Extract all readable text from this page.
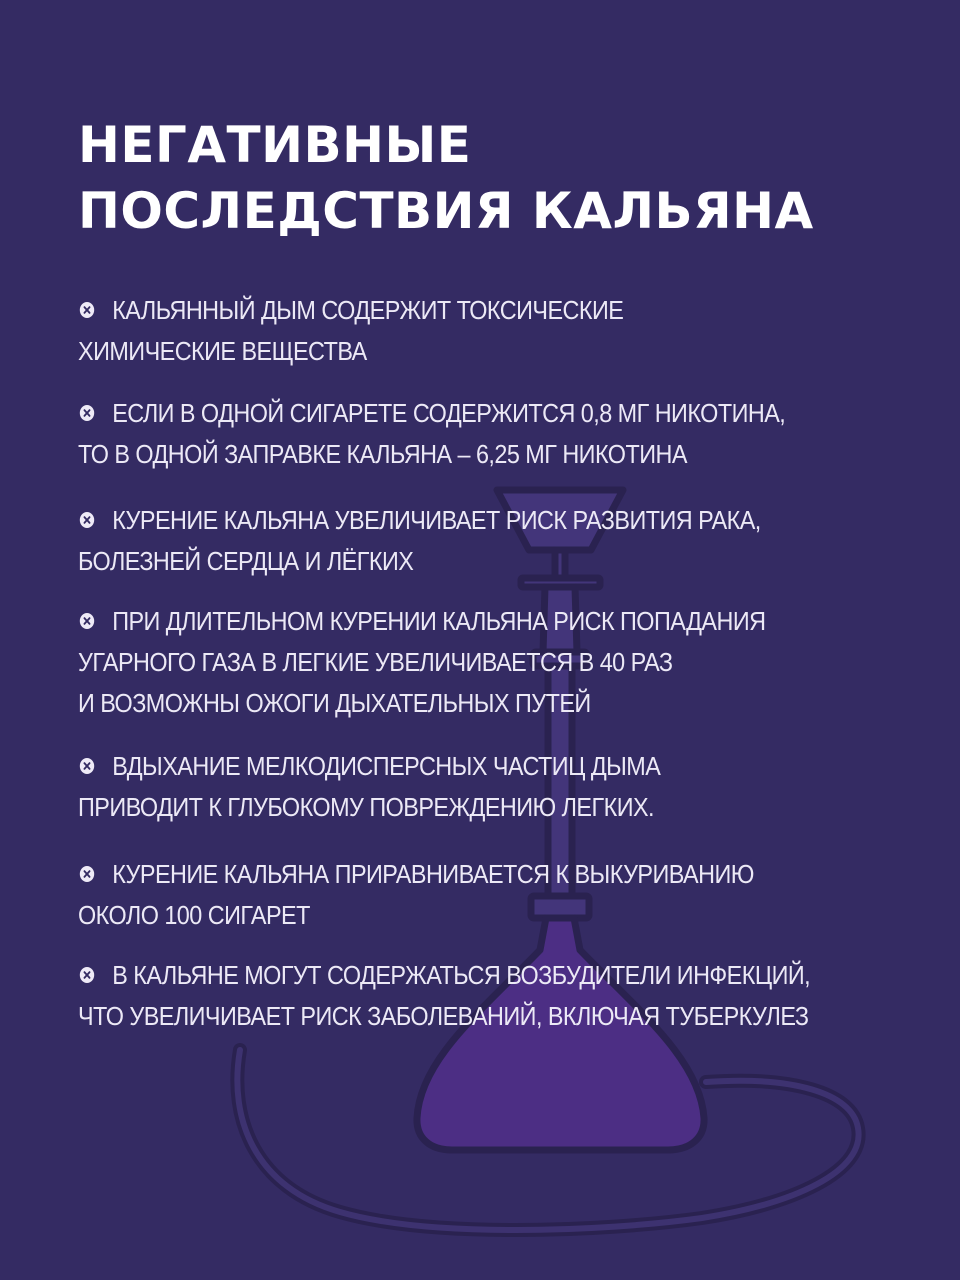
НЕГАТИВНЫЕ
ПОСЛЕДСТВИЯ КАЛЬЯНА
КАЛЬЯННЫЙ ДЫМ СОДЕРЖИТ ТОКСИЧЕСКИЕ
ХИМИЧЕСКИЕ ВЕЩЕСТВА
ЕСЛИ В ОДНОЙ СИГАРЕТЕ СОДЕРЖИТСЯ 0,8 МГ НИКОТИНА,
ТО В ОДНОЙ ЗАПРАВКЕ КАЛЬЯНА – 6,25 МГ НИКОТИНА
КУРЕНИЕ КАЛЬЯНА УВЕЛИЧИВАЕТ РИСК РАЗВИТИЯ РАКА,
БОЛЕЗНЕЙ СЕРДЦА И ЛЁГКИХ
ПРИ ДЛИТЕЛЬНОМ КУРЕНИИ КАЛЬЯНА РИСК ПОПАДАНИЯ
УГАРНОГО ГАЗА В ЛЕГКИЕ УВЕЛИЧИВАЕТСЯ В 40 РАЗ
И ВОЗМОЖНЫ ОЖОГИ ДЫХАТЕЛЬНЫХ ПУТЕЙ
ВДЫХАНИЕ МЕЛКОДИСПЕРСНЫХ ЧАСТИЦ ДЫМА
ПРИВОДИТ К ГЛУБОКОМУ ПОВРЕЖДЕНИЮ ЛЕГКИХ.
КУРЕНИЕ КАЛЬЯНА ПРИРАВНИВАЕТСЯ К ВЫКУРИВАНИЮ
ОКОЛО 100 СИГАРЕТ
В КАЛЬЯНЕ МОГУТ СОДЕРЖАТЬСЯ ВОЗБУДИТЕЛИ ИНФЕКЦИЙ,
ЧТО УВЕЛИЧИВАЕТ РИСК ЗАБОЛЕВАНИЙ, ВКЛЮЧАЯ ТУБЕРКУЛЕЗ
